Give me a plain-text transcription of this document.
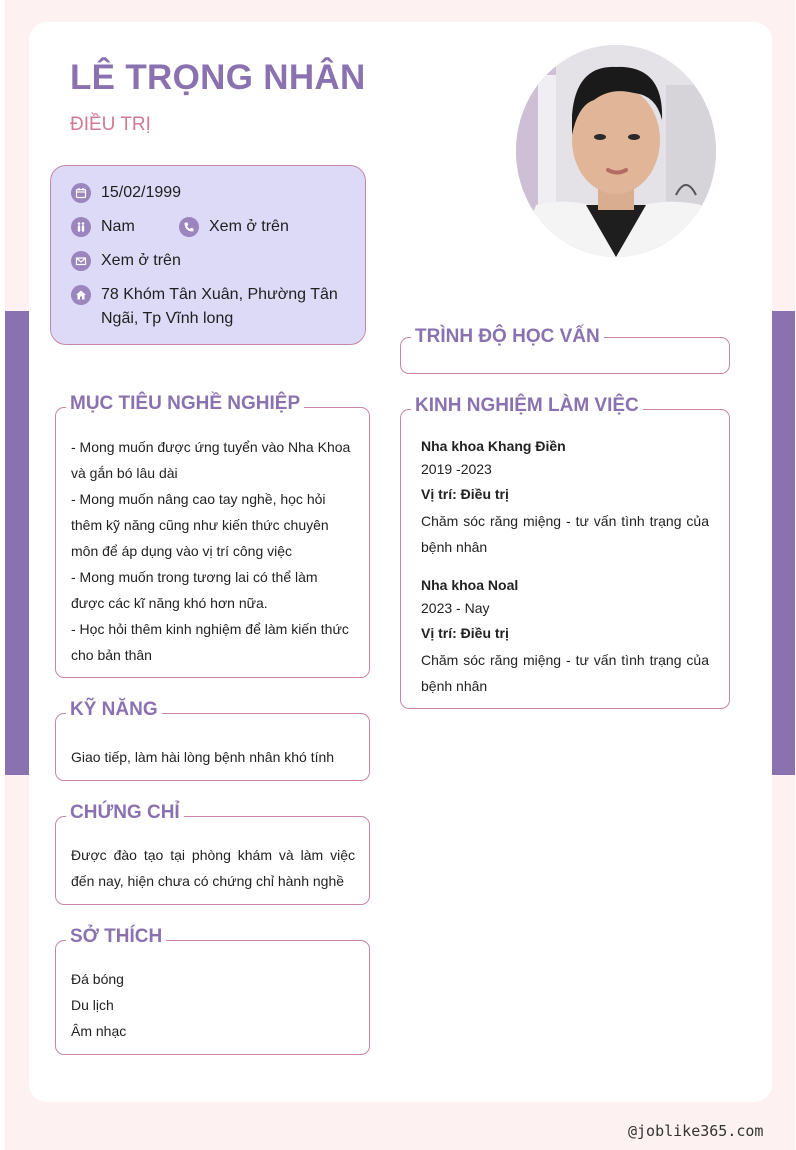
LÊ TRỌNG NHÂN
ĐIỀU TRỊ
15/02/1999
Nam	Xem ở trên
Xem ở trên
78 Khóm Tân Xuân, Phường Tân
Ngãi, Tp Vĩnh long
TRÌNH ĐỘ HỌC VẤN
MỤC TIÊU NGHỀ NGHIỆP

- Mong muốn được ứng tuyển vào Nha Khoa

và gắn bó lâu dài

- Mong muốn nâng cao tay nghề, học hỏi

thêm kỹ năng cũng như kiến thức chuyên

môn để áp dụng vào vị trí công việc

- Mong muốn trong tương lai có thể làm

được các kĩ năng khó hơn nữa.

- Học hỏi thêm kinh nghiệm để làm kiến thức

cho bản thân

KINH NGHIỆM LÀM VIỆC

Nha khoa Khang Điền

2019 -2023

Vị trí: Điều trị

Chăm sóc răng miệng - tư vấn tình trạng của bệnh nhân

Nha khoa Noal

2023 - Nay

Vị trí: Điều trị

Chăm sóc răng miệng - tư vấn tình trạng của bệnh nhân

KỸ NĂNG
Giao tiếp, làm hài lòng bệnh nhân khó tính
CHỨNG CHỈ
Được đào tạo tại phòng khám và làm việc đến nay, hiện chưa có chứng chỉ hành nghề
SỞ THÍCH

Đá bóng

Du lịch

Âm nhạc

@joblike365.com
